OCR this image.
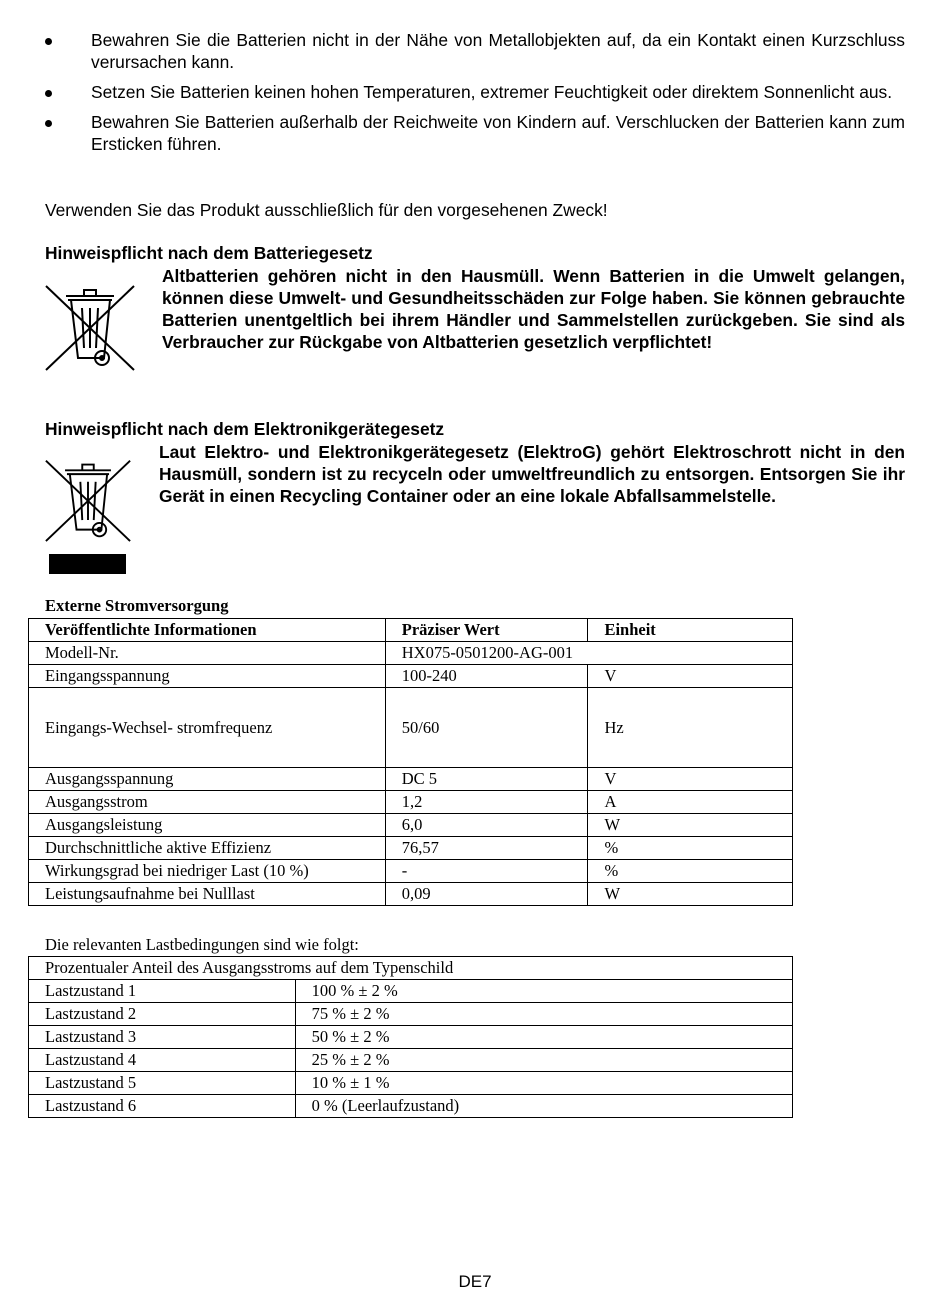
Bewahren Sie die Batterien nicht in der Nähe von Metallobjekten auf, da ein Kontakt einen Kurzschluss verursachen kann.
Setzen Sie Batterien keinen hohen Temperaturen, extremer Feuchtigkeit oder direktem Sonnenlicht aus.
Bewahren Sie Batterien außerhalb der Reichweite von Kindern auf. Verschlucken der Batterien kann zum Ersticken führen.
Verwenden Sie das Produkt ausschließlich für den vorgesehenen Zweck!
Hinweispflicht nach dem Batteriegesetz
Altbatterien gehören nicht in den Hausmüll. Wenn Batterien in die Umwelt gelangen, können diese Umwelt- und Gesundheitsschäden zur Folge haben. Sie können gebrauchte Batterien unentgeltlich bei ihrem Händler und Sammelstellen zurückgeben. Sie sind als Verbraucher zur Rückgabe von Altbatterien gesetzlich verpflichtet!
Hinweispflicht nach dem Elektronikgerätegesetz
Laut Elektro- und Elektronikgerätegesetz (ElektroG) gehört Elektroschrott nicht in den Hausmüll, sondern ist zu recyceln oder umweltfreundlich zu entsorgen. Entsorgen Sie ihr Gerät in einen Recycling Container oder an eine lokale Abfallsammelstelle.
Externe Stromversorgung
Veröffentlichte Informationen	Präziser Wert	Einheit
Modell-Nr.	HX075-0501200-AG-001	
Eingangsspannung	100-240	V
Eingangs-Wechsel- stromfrequenz	50/60	Hz
Ausgangsspannung	DC 5	V
Ausgangsstrom	1,2	A
Ausgangsleistung	6,0	W
Durchschnittliche aktive Effizienz	76,57	%
Wirkungsgrad bei niedriger Last (10 %)	-	%
Leistungsaufnahme bei Nulllast	0,09	W
Die relevanten Lastbedingungen sind wie folgt:
Prozentualer Anteil des Ausgangsstroms auf dem Typenschild	
Lastzustand 1	100 % ± 2 %
Lastzustand 2	75 % ± 2 %
Lastzustand 3	50 % ± 2 %
Lastzustand 4	25 % ± 2 %
Lastzustand 5	10 % ± 1 %
Lastzustand 6	0 % (Leerlaufzustand)
DE7
